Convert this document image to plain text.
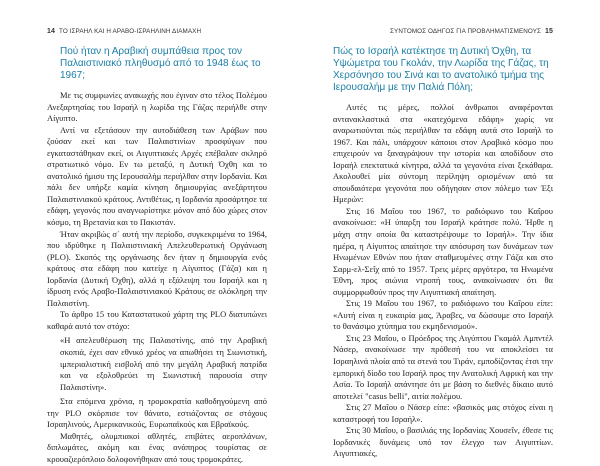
14 ΤΟ ΙΣΡΑΗΛ ΚΑΙ Η ΑΡΑΒΟ-ΙΣΡΑΗΛΙΝΗ ΔΙΑΜΑΧΗ
Πού ήταν η Αραβική συμπάθεια προς τον Παλαιστινιακό πληθυσμό από το 1948 έως το 1967;

Με τις συμφωνίες ανακωχής που έγιναν στο τέλος Πολέμου Ανεξαρτησίας του Ισραήλ η λωρίδα της Γάζας περιήλθε στην Αίγυπτο.

Αντί να εξετάσουν την αυτοδιάθεση των Αράβων που ζούσαν εκεί και των Παλαιστινίων προσφύγων που εγκαταστάθηκαν εκεί, οι Αιγυπτιακές Αρχές επέβαλαν σκληρό στρατιωτικό νόμο. Εν τω μεταξύ, η Δυτική Όχθη και το ανατολικό ήμισυ της Ιερουσαλήμ περιήλθαν στην Ιορδανία. Και πάλι δεν υπήρξε καμία κίνηση δημιουργίας ανεξάρτητου Παλαιστινιακού κράτους. Αντιθέτως, η Ιορδανία προσάρτησε τα εδάφη, γεγονός που αναγνωρίστηκε μόνον από δύο χώρες στον κόσμο, τη Βρετανία και το Πακιστάν.

Ήταν ακριβώς σ΄ αυτή την περίοδο, συγκεκριμένα το 1964, που ιδρύθηκε η Παλαιστινιακή Απελευθερωτική Οργάνωση (PLO). Σκοπός της οργάνωσης δεν ήταν η δημιουργία ενός κράτους στα εδάφη που κατείχε η Αίγυπτος (Γάζα) και η Ιορδανία (Δυτική Όχθη), αλλά η εξάλειψη του Ισραήλ και η ίδρυση ενός Αραβο-Παλαιστινιακού Κράτους σε ολόκληρη την Παλαιστίνη.

Το άρθρο 15 του Καταστατικού χάρτη της PLO διατυπώνει καθαρά αυτό τον στόχο:

«Η απελευθέρωση της Παλαιστίνης, από την Αραβική σκοπιά, έχει σαν εθνικό χρέος να απωθήσει τη Σιωνιστική, ιμπεριαλιστική εισβολή από την μεγάλη Αραβική πατρίδα και να εξολοθρεύει τη Σιωνιστική παρουσία στην Παλαιστίνη».

Στα επόμενα χρόνια, η τρομοκρατία καθοδηγούμενη από την PLO σκόρπισε τον θάνατο, εστιάζοντας σε στόχους Ισραηλινούς, Αμερικανικούς, Ευρωπαϊκούς και Εβραϊκούς.

Μαθητές, ολυμπιακοί αθλητές, επιβάτες αεροπλάνων, διπλωμάτες, ακόμη και ένας ανάπηρος τουρίστας σε κρουαζιερόπλοιο δολοφονήθηκαν από τους τρομοκράτες.

ΣΥΝΤΟΜΟΣ ΟΔΗΓΟΣ ΓΙΑ ΠΡΟΒΛΗΜΑΤΙΣΜΕΝΟΥΣ 15
Πώς το Ισραήλ κατέκτησε τη Δυτική Όχθη, τα Υψώμετρα του Γκολάν, την Λωρίδα της Γάζας, τη Χερσόνησο του Σινά και το ανατολικό τμήμα της Ιερουσαλήμ με την Παλιά Πόλη;

Αυτές τις μέρες, πολλοί άνθρωποι αναφέρονται αντανακλαστικά στα «κατεχόμενα εδάφη» χωρίς να αναρωτιούνται πώς περιήλθαν τα εδάφη αυτά στο Ισραήλ το 1967. Και πάλι, υπάρχουν κάποιοι στον Αραβικό κόσμο που επιχειρούν να ξαναγράψουν την ιστορία και αποδίδουν στο Ισραήλ επεκτατικά κίνητρα, αλλά τα γεγονότα είναι ξεκάθαρα. Ακολουθεί μία σύντομη περίληψη ορισμένων από τα σπουδαιότερα γεγονότα που οδήγησαν στον πόλεμο των Έξι Ημερών:

Στις 16 Μαΐου του 1967, το ραδιόφωνο του Καΐρου ανακοίνωσε: «Η ύπαρξη του Ισραήλ κράτησε πολύ. Ήρθε η μάχη στην οποία θα καταστρέψουμε το Ισραήλ». Την ίδια ημέρα, η Αίγυπτος απαίτησε την απόσυρση των δυνάμεων των Ηνωμένων Εθνών που ήταν σταθμευμένες στην Γάζα και στο Σαρμ-ελ-Σεΐχ από το 1957. Τρεις μέρες αργότερα, τα Ηνωμένα Έθνη, προς αιώνια ντροπή τους, ανακοίνωσαν ότι θα συμμορφωθούν προς την Αιγυπτιακή απαίτηση.

Στις 19 Μαΐου του 1967, το ραδιόφωνο του Καΐρου είπε: «Αυτή είναι η ευκαιρία μας, Άραβες, να δώσουμε στο Ισραήλ το θανάσιμο χτύπημα του εκμηδενισμού».

Στις 23 Μαΐου, ο Πρόεδρος της Αιγύπτου Γκαμάλ Αμπντέλ Νάσερ, ανακοίνωσε την πρόθεσή του να αποκλείσει τα Ισραηλινά πλοία από τα στενά του Τιράν, εμποδίζοντας έτσι την εμπορική δίοδο του Ισραήλ προς την Ανατολική Αφρική και την Ασία. Το Ισραήλ απάντησε ότι με βάση το διεθνές δίκαιο αυτό αποτελεί "casus belli", αιτία πολέμου.

Στις 27 Μαΐου ο Νάσερ είπε: «βασικός μας στόχος είναι η καταστροφή του Ισραήλ».

Στις 30 Μαΐου, ο βασιλιάς της Ιορδανίας Χουσεΐν, έθεσε τις Ιορδανικές δυνάμεις υπό τον έλεγχο των Αιγυπτίων. Αιγυπτιακές,
